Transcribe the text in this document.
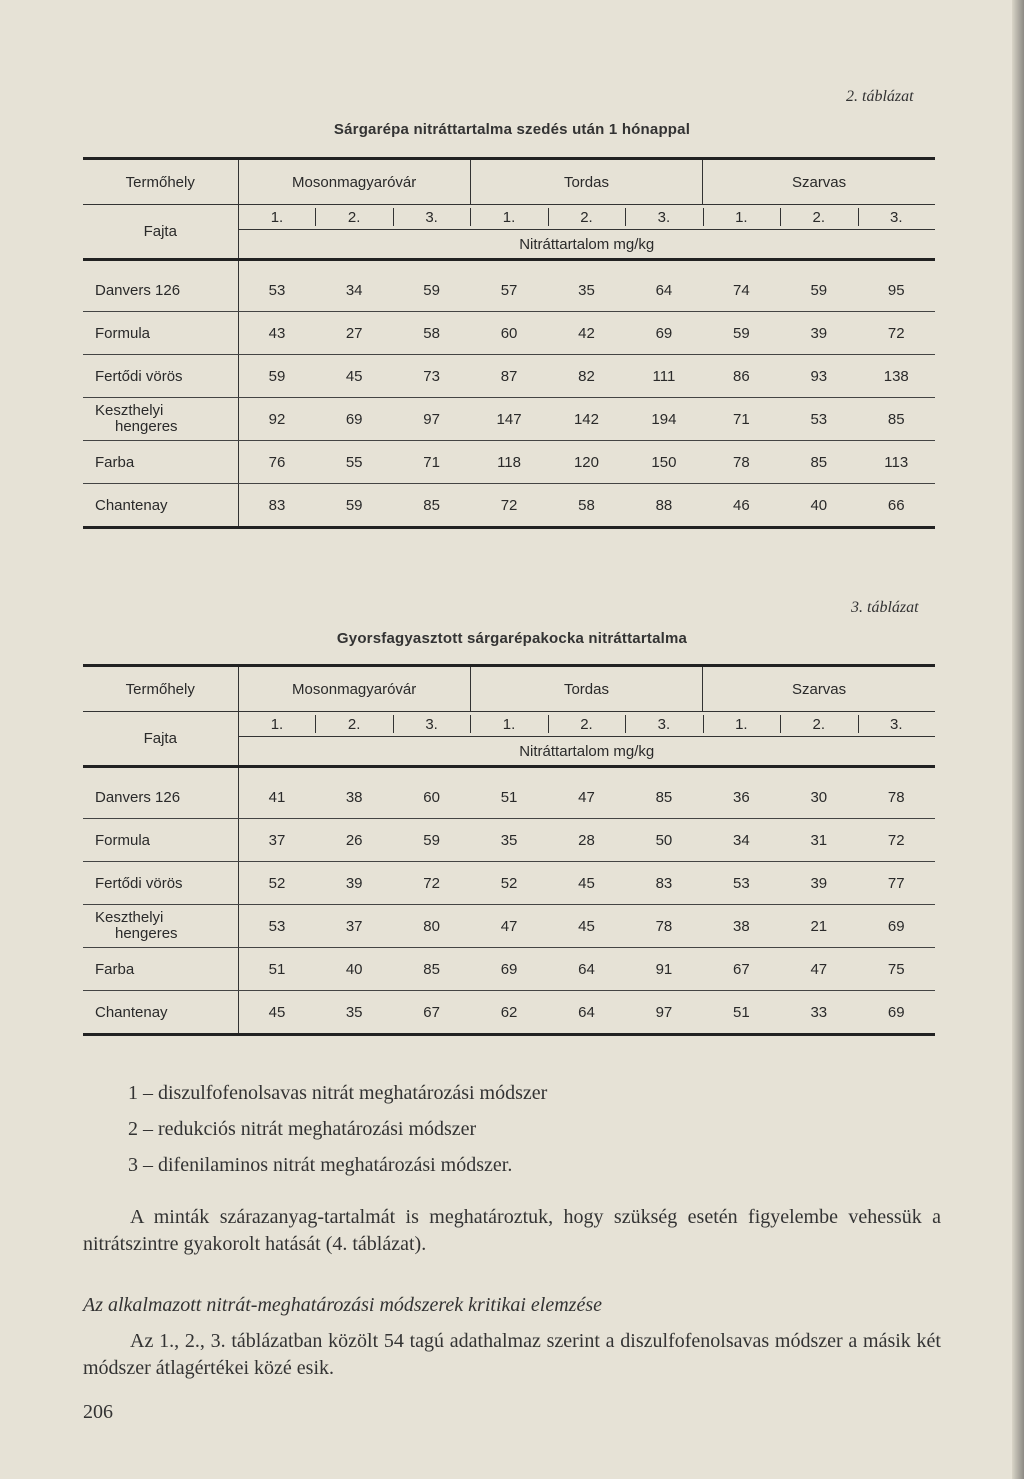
2. táblázat
Sárgarépa nitráttartalma szedés után 1 hónappal
Termőhely	Mosonmagyaróvár			Tordas			Szarvas		
Fajta	1.	2.	3.	1.	2.	3.	1.	2.	3.
	Nitráttartalom mg/kg								

Danvers 126	53	34	59	57	35	64	74	59	95
Formula	43	27	58	60	42	69	59	39	72
Fertődi vörös	59	45	73	87	82	111	86	93	138

Keszthelyi
hengeres	92	69	97	147	142	194	71	53	85
Farba	76	55	71	118	120	150	78	85	113
Chantenay	83	59	85	72	58	88	46	40	66
3. táblázat
Gyorsfagyasztott sárgarépakocka nitráttartalma
Termőhely	Mosonmagyaróvár			Tordas			Szarvas		
Fajta	1.	2.	3.	1.	2.	3.	1.	2.	3.
	Nitráttartalom mg/kg								

Danvers 126	41	38	60	51	47	85	36	30	78
Formula	37	26	59	35	28	50	34	31	72
Fertődi vörös	52	39	72	52	45	83	53	39	77

Keszthelyi
hengeres	53	37	80	47	45	78	38	21	69
Farba	51	40	85	69	64	91	67	47	75
Chantenay	45	35	67	62	64	97	51	33	69
1 – diszulfofenolsavas nitrát meghatározási módszer
2 – redukciós nitrát meghatározási módszer
3 – difenilaminos nitrát meghatározási módszer.
A minták szárazanyag-tartalmát is meghatároztuk, hogy szükség esetén figyelembe vehessük a nitrátszintre gyakorolt hatását (4. táblázat).
Az alkalmazott nitrát-meghatározási módszerek kritikai elemzése
Az 1., 2., 3. táblázatban közölt 54 tagú adathalmaz szerint a diszulfofenolsavas módszer a másik két módszer átlagértékei közé esik.
206
